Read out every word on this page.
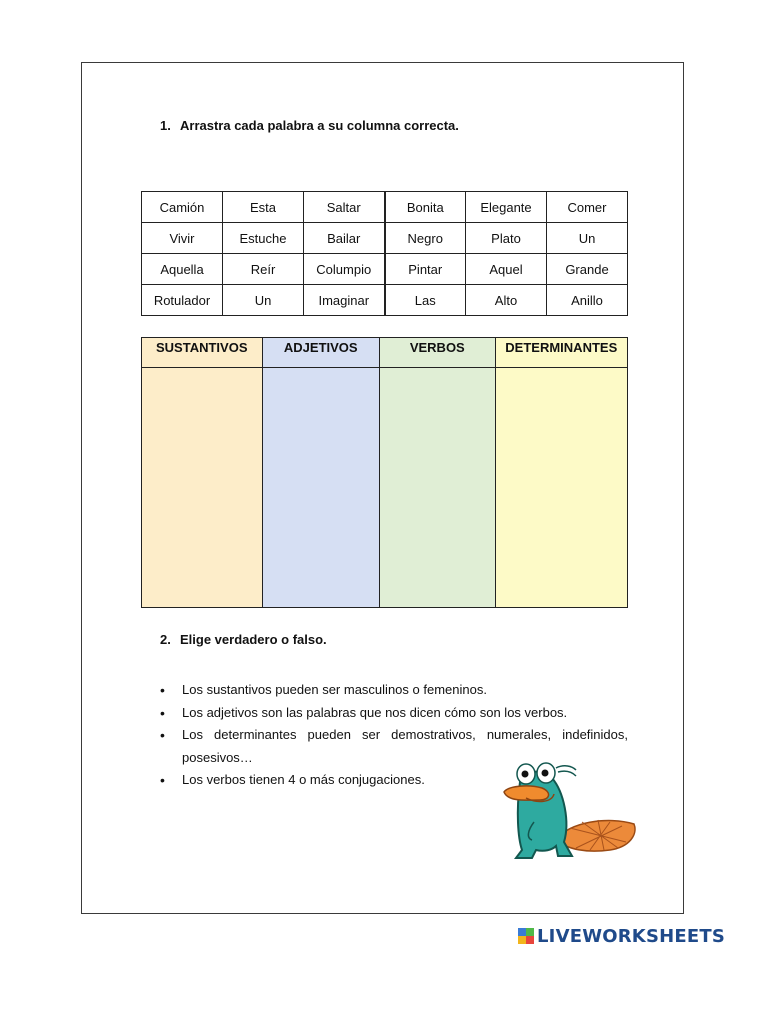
1. Arrastra cada palabra a su columna correcta.
Camión	Esta	Saltar	Bonita	Elegante	Comer
Vivir	Estuche	Bailar	Negro	Plato	Un
Aquella	Reír	Columpio	Pintar	Aquel	Grande
Rotulador	Un	Imaginar	Las	Alto	Anillo
SUSTANTIVOS	ADJETIVOS	VERBOS	DETERMINANTES
2. Elige verdadero o falso.
• Los sustantivos pueden ser masculinos o femeninos.
• Los adjetivos son las palabras que nos dicen cómo son los verbos.
• Los determinantes pueden ser demostrativos, numerales, indefinidos, posesivos…
• Los verbos tienen 4 o más conjugaciones.
LIVEWORKSHEETS
